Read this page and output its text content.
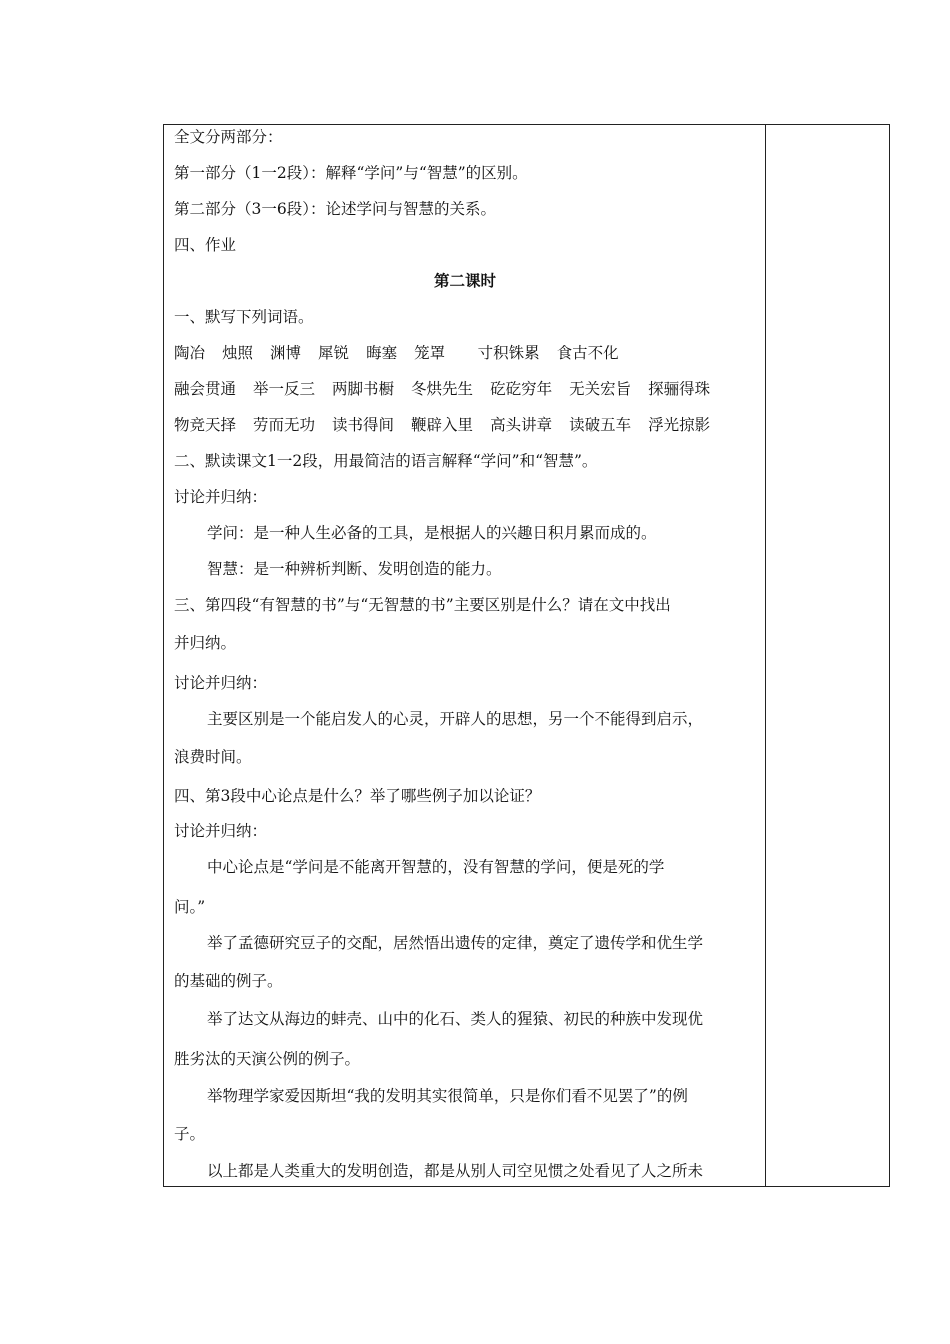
全文分两部分：
第一部分（1一2段）：解释“学问”与“智慧”的区别。
第二部分（3一6段）：论述学问与智慧的关系。
四、作业
第二课时
一、默写下列词语。
陶冶 烛照 渊博 犀锐 晦塞 笼罩 　寸积铢累 食古不化
融会贯通 举一反三 两脚书橱 冬烘先生 矻矻穷年 无关宏旨 探骊得珠
物竞天择 劳而无功 读书得间 鞭辟入里 高头讲章 读破五车 浮光掠影
二、默读课文1一2段，用最简洁的语言解释“学问”和“智慧”。
讨论并归纳：
学问：是一种人生必备的工具，是根据人的兴趣日积月累而成的。
智慧：是一种辨析判断、发明创造的能力。
三、第四段“有智慧的书”与“无智慧的书”主要区别是什么？请在文中找出
并归纳。
讨论并归纳：
主要区别是一个能启发人的心灵，开辟人的思想，另一个不能得到启示，
浪费时间。
四、第3段中心论点是什么？举了哪些例子加以论证？
讨论并归纳：
中心论点是“学问是不能离开智慧的，没有智慧的学问，便是死的学
问。”
举了孟德研究豆子的交配，居然悟出遗传的定律，奠定了遗传学和优生学
的基础的例子。
举了达文从海边的蚌壳、山中的化石、类人的猩猿、初民的种族中发现优
胜劣汰的天演公例的例子。
举物理学家爱因斯坦“我的发明其实很简单，只是你们看不见罢了”的例
子。
以上都是人类重大的发明创造，都是从别人司空见惯之处看见了人之所未
